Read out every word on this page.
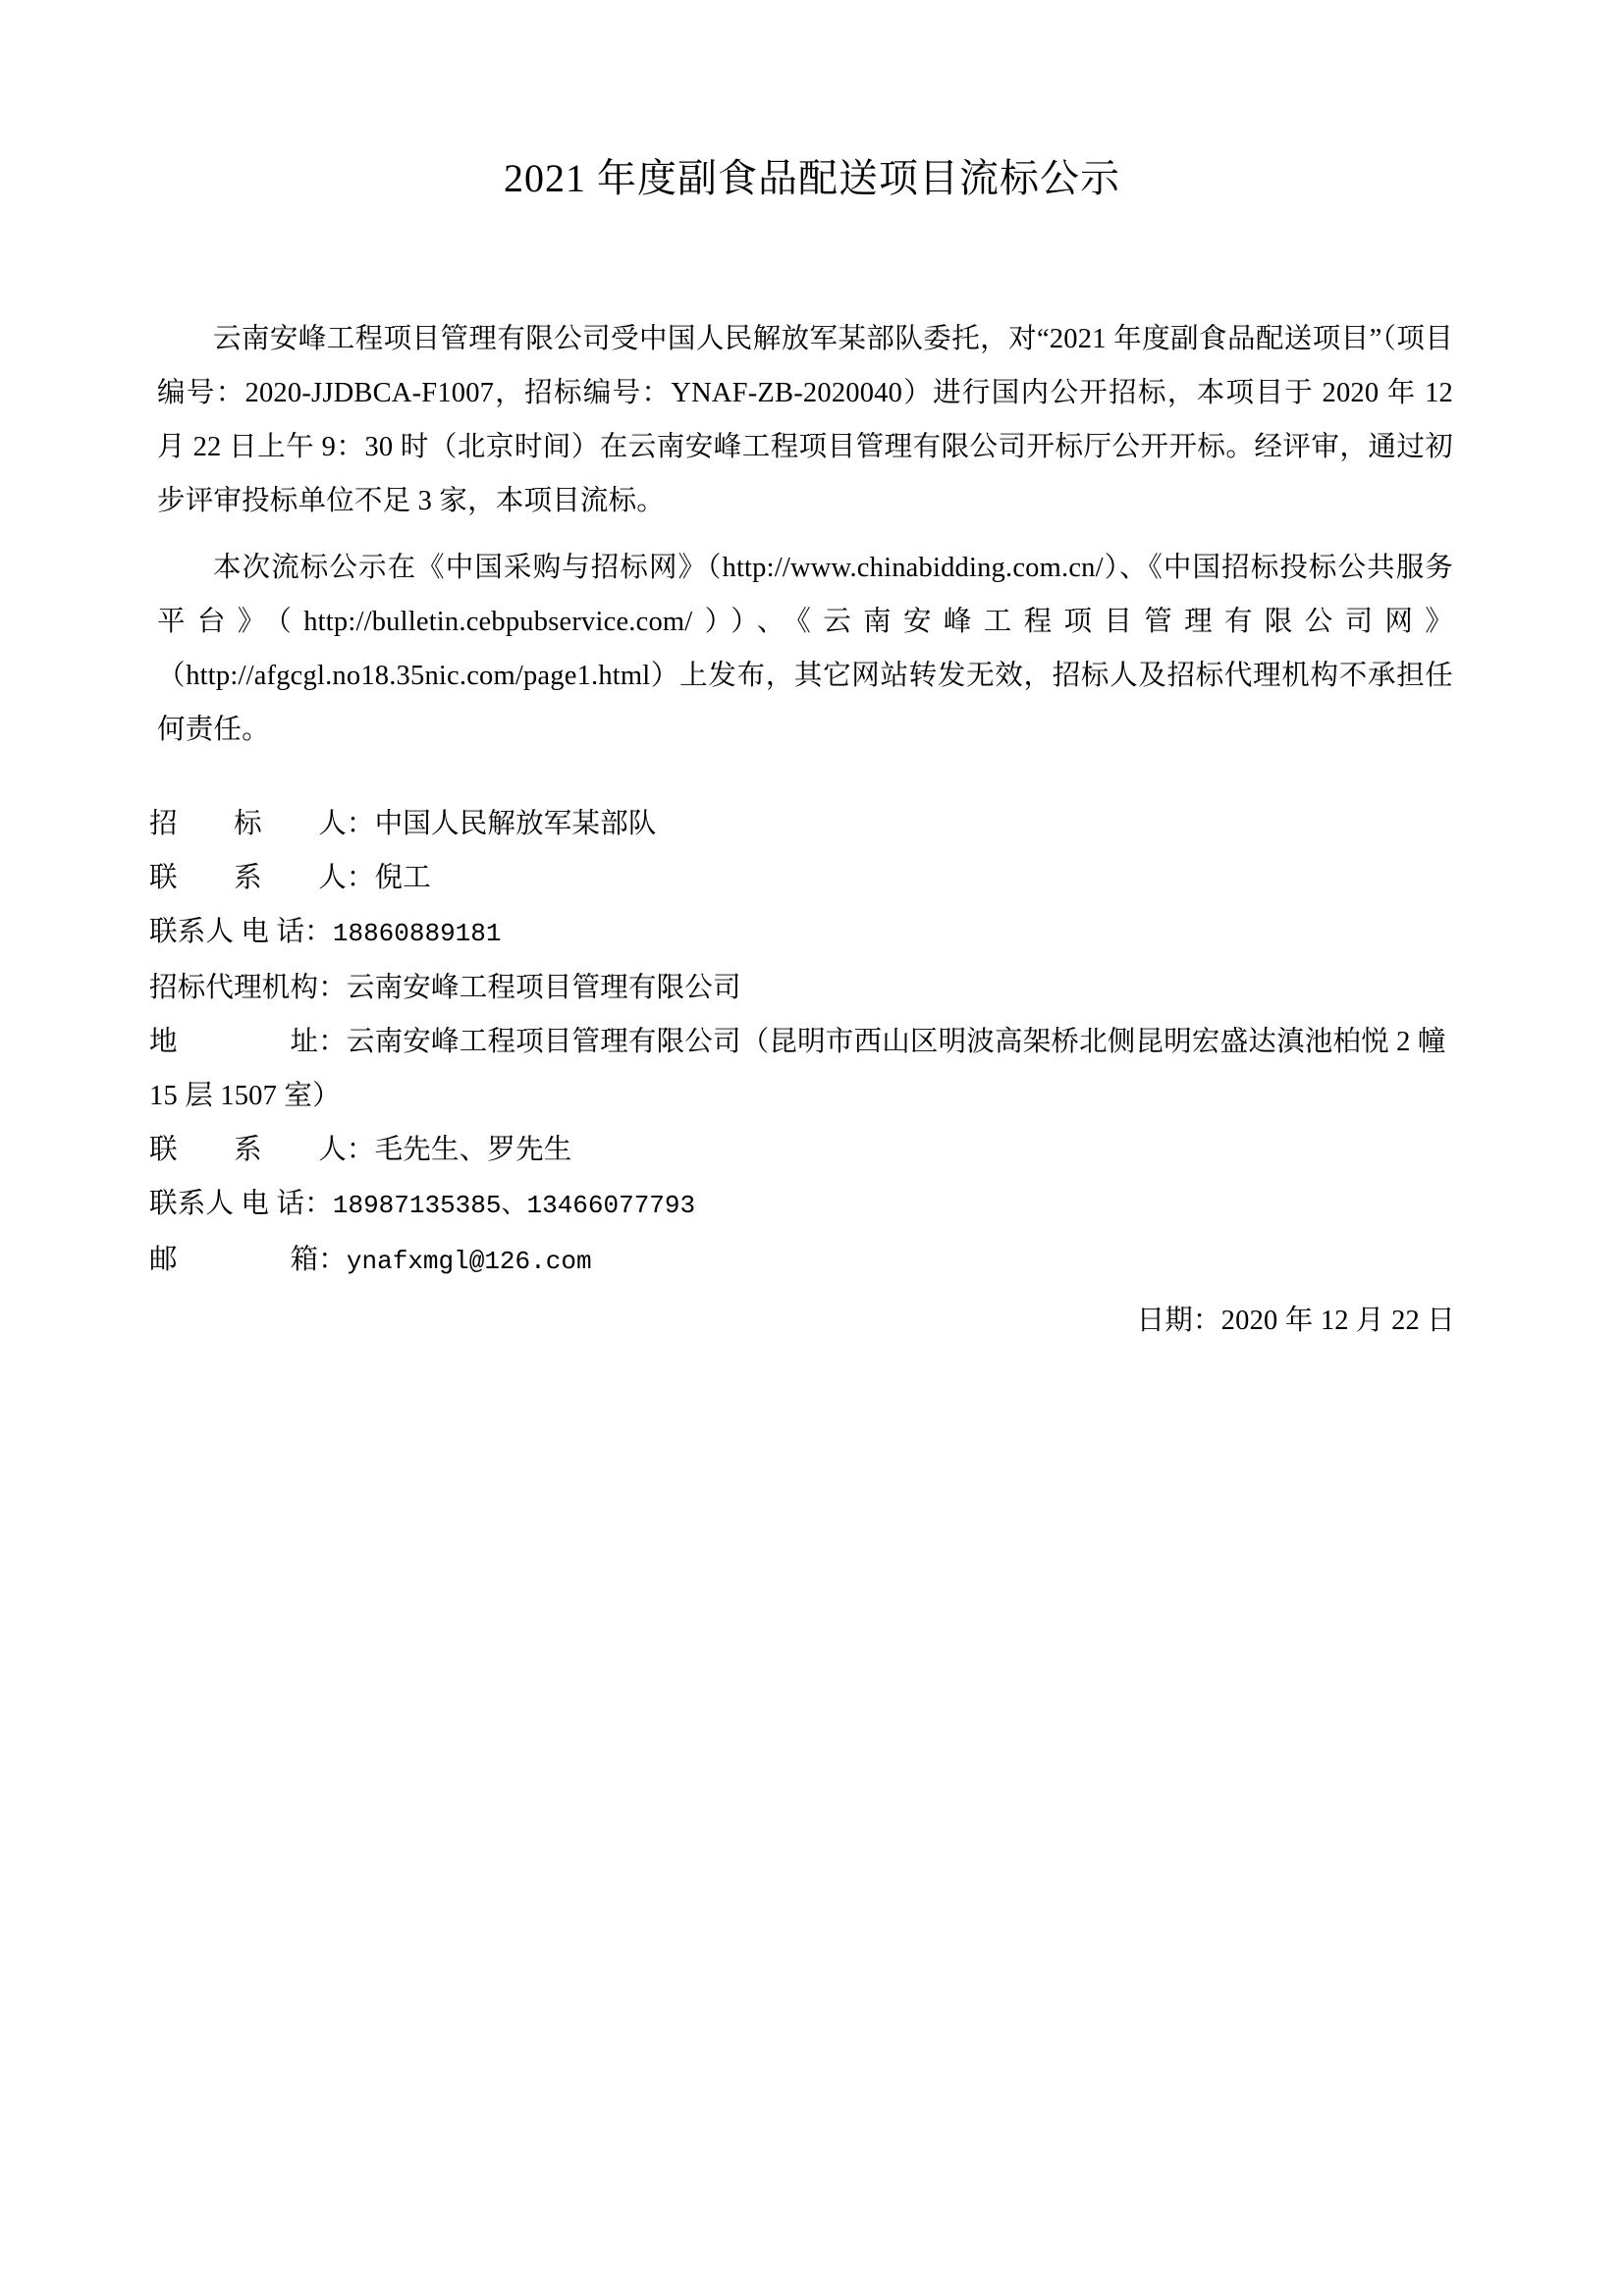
2021 年度副食品配送项目流标公示

云南安峰工程项目管理有限公司受中国人民解放军某部队委托，对“2021 年度副食品配送项目”（项目编号：2020-JJDBCA-F1007，招标编号：YNAF-ZB-2020040）进行国内公开招标，本项目于 2020 年 12 月 22 日上午 9：30 时（北京时间）在云南安峰工程项目管理有限公司开标厅公开开标。经评审，通过初步评审投标单位不足 3 家，本项目流标。

本次流标公示在《中国采购与招标网》（http://www.chinabidding.com.cn/）、《中国招标投标公共服务平台》（http://bulletin.cebpubservice.com/））、《云南安峰工程项目管理有限公司网》（http://afgcgl.no18.35nic.com/page1.html）上发布，其它网站转发无效，招标人及招标代理机构不承担任何责任。

招　　标　　人：中国人民解放军某部队
联　　系　　人：倪工
联系人 电 话：18860889181
招标代理机构：云南安峰工程项目管理有限公司
地　　　　址：云南安峰工程项目管理有限公司（昆明市西山区明波高架桥北侧昆明宏盛达滇池柏悦 2 幢 15 层 1507 室）
联　　系　　人：毛先生、罗先生
联系人 电 话：18987135385、13466077793
邮　　　　箱：ynafxmgl@126.com
日期：2020 年 12 月 22 日
